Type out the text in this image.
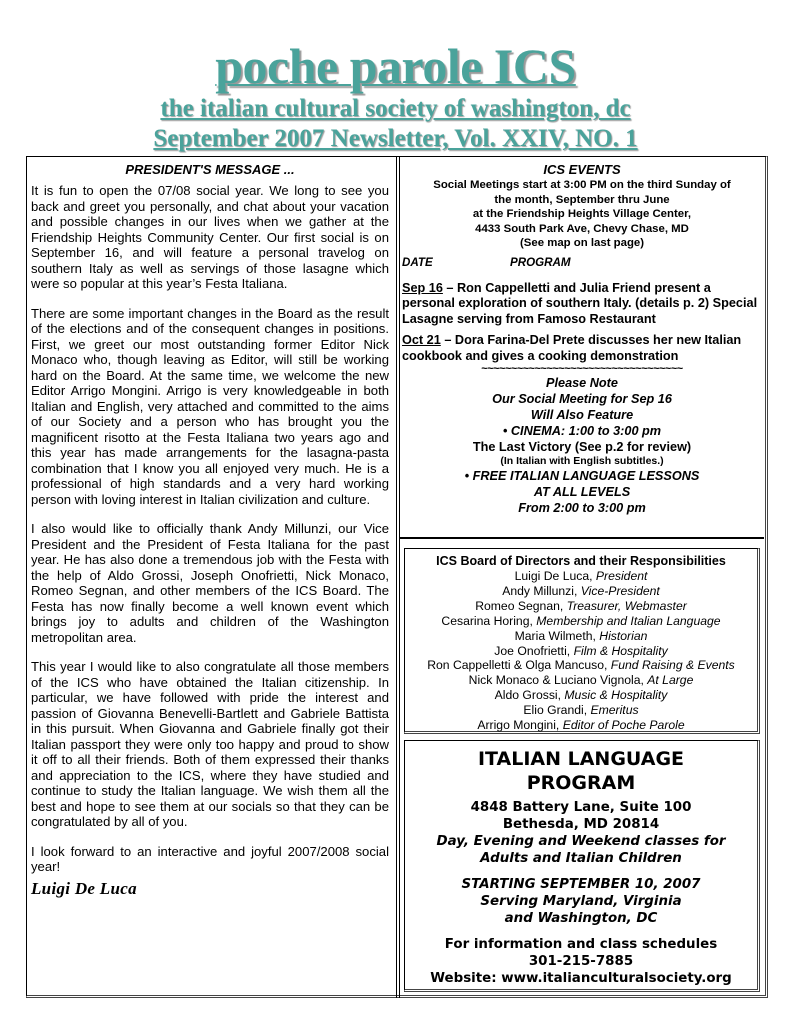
poche parole ICS
the italian cultural society of washington, dc
September 2007 Newsletter, Vol. XXIV, NO. 1
PRESIDENT'S MESSAGE ...

It is fun to open the 07/08 social year. We long to see you back and greet you personally, and chat about your vacation and possible changes in our lives when we gather at the Friendship Heights Community Center. Our first social is on September 16, and will feature a personal travelog on southern Italy as well as servings of those lasagne which were so popular at this year’s Festa Italiana.

There are some important changes in the Board as the result of the elections and of the consequent changes in positions. First, we greet our most outstanding former Editor Nick Monaco who, though leaving as Editor, will still be working hard on the Board. At the same time, we welcome the new Editor Arrigo Mongini. Arrigo is very knowledgeable in both Italian and English, very attached and committed to the aims of our Society and a person who has brought you the magnificent risotto at the Festa Italiana two years ago and this year has made arrangements for the lasagna-pasta combination that I know you all enjoyed very much. He is a professional of high standards and a very hard working person with loving interest in Italian civilization and culture.

I also would like to officially thank Andy Millunzi, our Vice President and the President of Festa Italiana for the past year. He has also done a tremendous job with the Festa with the help of Aldo Grossi, Joseph Onofrietti, Nick Monaco, Romeo Segnan, and other members of the ICS Board. The Festa has now finally become a well known event which brings joy to adults and children of the Washington metropolitan area.

This year I would like to also congratulate all those members of the ICS who have obtained the Italian citizenship. In particular, we have followed with pride the interest and passion of Giovanna Benevelli-Bartlett and Gabriele Battista in this pursuit. When Giovanna and Gabriele finally got their Italian passport they were only too happy and proud to show it off to all their friends. Both of them expressed their thanks and appreciation to the ICS, where they have studied and continue to study the Italian language. We wish them all the best and hope to see them at our socials so that they can be congratulated by all of you.

I look forward to an interactive and joyful 2007/2008 social year!

Luigi De Luca
ICS EVENTS
Social Meetings start at 3:00 PM on the third Sunday of
the month, September thru June
at the Friendship Heights Village Center,
4433 South Park Ave, Chevy Chase, MD
(See map on last page)
DATE	PROGRAM
Sep 16 – Ron Cappelletti and Julia Friend present a personal exploration of southern Italy. (details p. 2) Special Lasagne serving from Famoso Restaurant
Oct 21 – Dora Farina-Del Prete discusses her new Italian cookbook and gives a cooking demonstration
~~~~~~~~~~~~~~~~~~~~~~~~~~~~~~~~~~
Please Note
Our Social Meeting for Sep 16
Will Also Feature
• CINEMA: 1:00 to 3:00 pm
The Last Victory (See p.2 for review)
(In Italian with English subtitles.)
• FREE ITALIAN LANGUAGE LESSONS
AT ALL LEVELS
From 2:00 to 3:00 pm
ICS Board of Directors and their Responsibilities
Luigi De Luca, President
Andy Millunzi, Vice-President
Romeo Segnan, Treasurer, Webmaster
Cesarina Horing, Membership and Italian Language
Maria Wilmeth, Historian
Joe Onofrietti, Film & Hospitality
Ron Cappelletti & Olga Mancuso, Fund Raising & Events
Nick Monaco & Luciano Vignola, At Large
Aldo Grossi, Music & Hospitality
Elio Grandi, Emeritus
Arrigo Mongini, Editor of Poche Parole
ITALIAN LANGUAGE
PROGRAM
4848 Battery Lane, Suite 100
Bethesda, MD 20814
Day, Evening and Weekend classes for
Adults and Italian Children
STARTING SEPTEMBER 10, 2007
Serving Maryland, Virginia
and Washington, DC
For information and class schedules
301-215-7885
Website: www.italianculturalsociety.org
